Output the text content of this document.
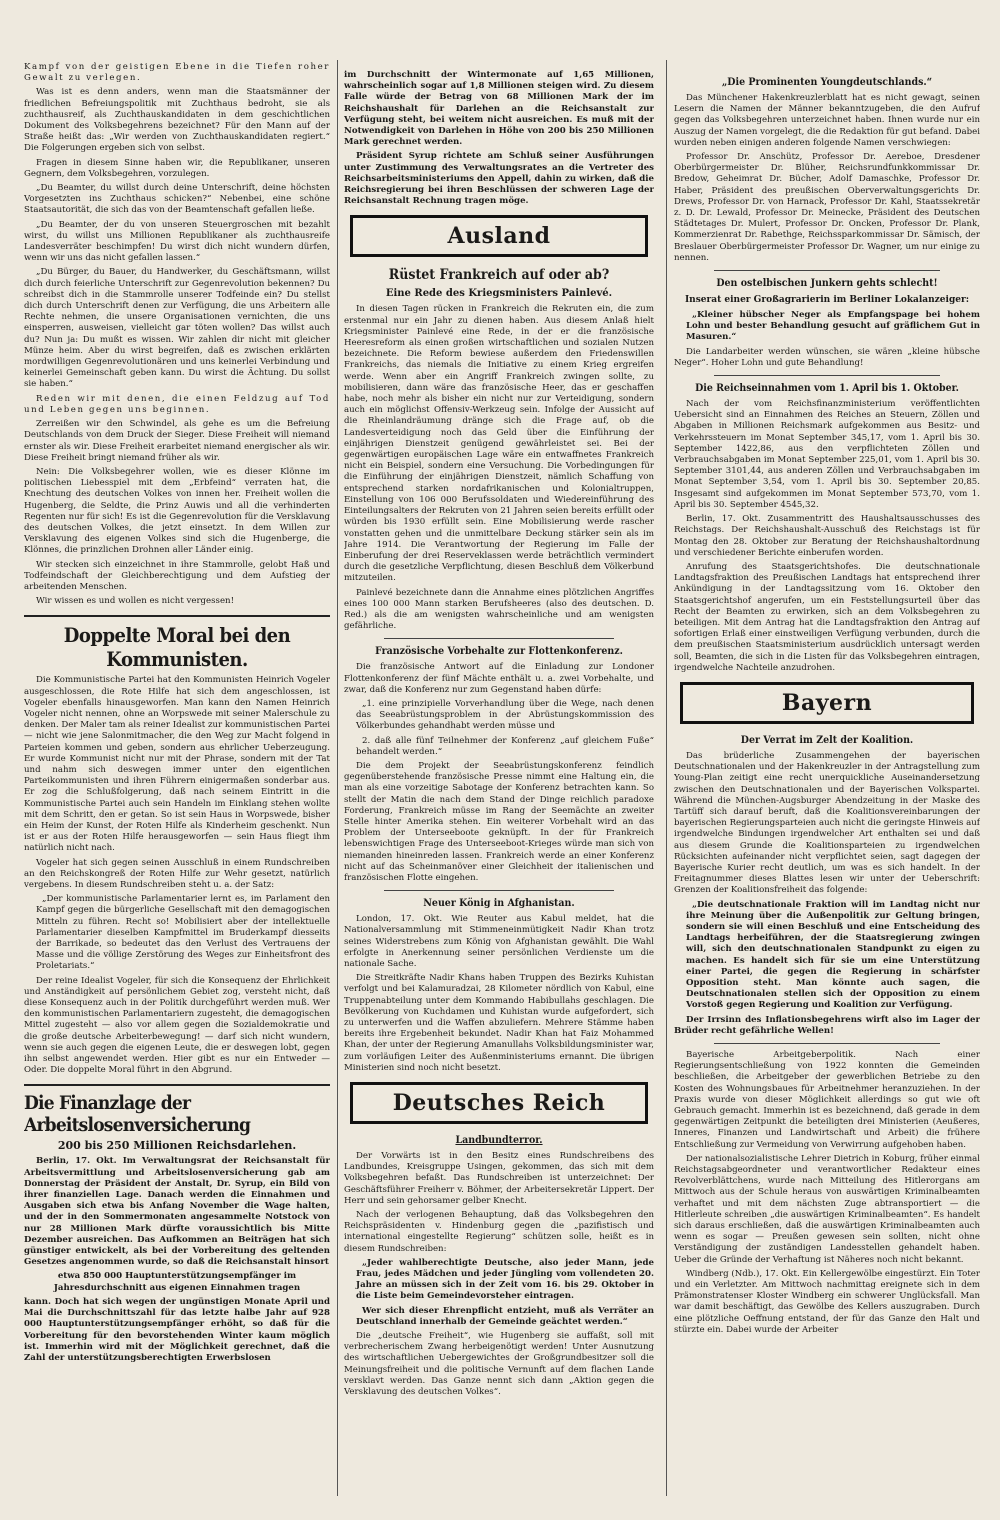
Kampf von der geistigen Ebene in die Tiefen roher Gewalt zu verlegen.

Was ist es denn anders, wenn man die Staatsmänner der friedlichen Befreiungspolitik mit Zuchthaus bedroht, sie als zuchthausreif, als Zuchthauskandidaten in dem geschichtlichen Dokument des Volksbegehrens bezeichnet? Für den Mann auf der Straße heißt das: „Wir werden von Zuchthauskandidaten regiert.“ Die Folgerungen ergeben sich von selbst.

Fragen in diesem Sinne haben wir, die Republikaner, unseren Gegnern, dem Volksbegehren, vorzulegen.

„Du Beamter, du willst durch deine Unterschrift, deine höchsten Vorgesetzten ins Zuchthaus schicken?“ Nebenbei, eine schöne Staatsautorität, die sich das von der Beamtenschaft gefallen ließe.

„Du Beamter, der du von unseren Steuergroschen mit bezahlt wirst, du willst uns Millionen Republikaner als zuchthausreife Landesverräter beschimpfen! Du wirst dich nicht wundern dürfen, wenn wir uns das nicht gefallen lassen.“

„Du Bürger, du Bauer, du Handwerker, du Geschäftsmann, willst dich durch feierliche Unterschrift zur Gegenrevolution bekennen? Du schreibst dich in die Stammrolle unserer Todfeinde ein? Du stellst dich durch Unterschrift denen zur Verfügung, die uns Arbeitern alle Rechte nehmen, die unsere Organisationen vernichten, die uns einsperren, ausweisen, vielleicht gar töten wollen? Das willst auch du? Nun ja: Du mußt es wissen. Wir zahlen dir nicht mit gleicher Münze heim. Aber du wirst begreifen, daß es zwischen erklärten mordwilligen Gegenrevolutionären und uns keinerlei Verbindung und keinerlei Gemeinschaft geben kann. Du wirst die Ächtung. Du sollst sie haben.“

Reden wir mit denen, die einen Feldzug auf Tod und Leben gegen uns beginnen.

Zerreißen wir den Schwindel, als gehe es um die Befreiung Deutschlands von dem Druck der Sieger. Diese Freiheit will niemand ernster als wir. Diese Freiheit erarbeitet niemand energischer als wir. Diese Freiheit bringt niemand früher als wir.

Nein: Die Volksbegehrer wollen, wie es dieser Klönne im politischen Liebesspiel mit dem „Erbfeind“ verraten hat, die Knechtung des deutschen Volkes von innen her. Freiheit wollen die Hugenberg, die Seldte, die Prinz Auwis und all die verhinderten Regenten nur für sich! Es ist die Gegenrevolution für die Versklavung des deutschen Volkes, die jetzt einsetzt. In dem Willen zur Versklavung des eigenen Volkes sind sich die Hugenberge, die Klönnes, die prinzlichen Drohnen aller Länder einig.

Wir stecken sich einzeichnet in ihre Stammrolle, gelobt Haß und Todfeindschaft der Gleichberechtigung und dem Aufstieg der arbeitenden Menschen.

Wir wissen es und wollen es nicht vergessen!

Doppelte Moral bei den Kommunisten.

Die Kommunistische Partei hat den Kommunisten Heinrich Vogeler ausgeschlossen, die Rote Hilfe hat sich dem angeschlossen, ist Vogeler ebenfalls hinausgeworfen. Man kann den Namen Heinrich Vogeler nicht nennen, ohne an Worpswede mit seiner Malerschule zu denken. Der Maler tam als reiner Idealist zur kommunistischen Partei — nicht wie jene Salonmitmacher, die den Weg zur Macht folgend in Parteien kommen und geben, sondern aus ehrlicher Ueberzeugung. Er wurde Kommunist nicht nur mit der Phrase, sondern mit der Tat und nahm sich deswegen immer unter den eigentlichen Parteikommunisten und ihren Führern einigermaßen sonderbar aus. Er zog die Schlußfolgerung, daß nach seinem Eintritt in die Kommunistische Partei auch sein Handeln im Einklang stehen wollte mit dem Schritt, den er getan. So ist sein Haus in Worpswede, bisher ein Heim der Kunst, der Roten Hilfe als Kinderheim geschenkt. Nun ist er aus der Roten Hilfe herausgeworfen — sein Haus fliegt ihm natürlich nicht nach.

Vogeler hat sich gegen seinen Ausschluß in einem Rundschreiben an den Reichskongreß der Roten Hilfe zur Wehr gesetzt, natürlich vergebens. In diesem Rundschreiben steht u. a. der Satz:

„Der kommunistische Parlamentarier lernt es, im Parlament den Kampf gegen die bürgerliche Gesellschaft mit den demagogischen Mitteln zu führen. Recht so! Mobilisiert aber der intellektuelle Parlamentarier dieselben Kampfmittel im Bruderkampf diesseits der Barrikade, so bedeutet das den Verlust des Vertrauens der Masse und die völlige Zerstörung des Weges zur Einheitsfront des Proletariats.“

Der reine Idealist Vogeler, für sich die Konsequenz der Ehrlichkeit und Anständigkeit auf persönlichem Gebiet zog, versteht nicht, daß diese Konsequenz auch in der Politik durchgeführt werden muß. Wer den kommunistischen Parlamentariern zugesteht, die demagogischen Mittel zugesteht — also vor allem gegen die Sozialdemokratie und die große deutsche Arbeiterbewegung! — darf sich nicht wundern, wenn sie auch gegen die eigenen Leute, die er deswegen lobt, gegen ihn selbst angewendet werden. Hier gibt es nur ein Entweder — Oder. Die doppelte Moral führt in den Abgrund.

Die Finanzlage der Arbeitslosenversicherung
200 bis 250 Millionen Reichsdarlehen.

Berlin, 17. Okt. Im Verwaltungsrat der Reichsanstalt für Arbeitsvermittlung und Arbeitslosenversicherung gab am Donnerstag der Präsident der Anstalt, Dr. Syrup, ein Bild von ihrer finanziellen Lage. Danach werden die Einnahmen und Ausgaben sich etwa bis Anfang November die Wage halten, und der in den Sommermonaten angesammelte Notstock von nur 28 Millionen Mark dürfte voraussichtlich bis Mitte Dezember ausreichen. Das Aufkommen an Beiträgen hat sich günstiger entwickelt, als bei der Vorbereitung des geltenden Gesetzes angenommen wurde, so daß die Reichsanstalt hinsort

etwa 850 000 Hauptunterstützungsempfänger im Jahresdurchschnitt aus eigenen Einnahmen tragen

kann. Doch hat sich wegen der ungünstigen Monate April und Mai die Durchschnittszahl für das letzte halbe Jahr auf 928 000 Hauptunterstützungsempfänger erhöht, so daß für die Vorbereitung für den bevorstehenden Winter kaum möglich ist. Immerhin wird mit der Möglichkeit gerechnet, daß die Zahl der unterstützungsberechtigten Erwerbslosen

im Durchschnitt der Wintermonate auf 1,65 Millionen, wahrscheinlich sogar auf 1,8 Millionen steigen wird. Zu diesem Falle würde der Betrag von 68 Millionen Mark der im Reichshaushalt für Darlehen an die Reichsanstalt zur Verfügung steht, bei weitem nicht ausreichen. Es muß mit der Notwendigkeit von Darlehen in Höhe von 200 bis 250 Millionen Mark gerechnet werden.

Präsident Syrup richtete am Schluß seiner Ausführungen unter Zustimmung des Verwaltungsrates an die Vertreter des Reichsarbeitsministeriums den Appell, dahin zu wirken, daß die Reichsregierung bei ihren Beschlüssen der schweren Lage der Reichsanstalt Rechnung tragen möge.

Ausland
Rüstet Frankreich auf oder ab?
Eine Rede des Kriegsministers Painlevé.

In diesen Tagen rücken in Frankreich die Rekruten ein, die zum erstenmal nur ein Jahr zu dienen haben. Aus diesem Anlaß hielt Kriegsminister Painlevé eine Rede, in der er die französische Heeresreform als einen großen wirtschaftlichen und sozialen Nutzen bezeichnete. Die Reform bewiese außerdem den Friedenswillen Frankreichs, das niemals die Initiative zu einem Krieg ergreifen werde. Wenn aber ein Angriff Frankreich zwingen sollte, zu mobilisieren, dann wäre das französische Heer, das er geschaffen habe, noch mehr als bisher ein nicht nur zur Verteidigung, sondern auch ein möglichst Offensiv-Werkzeug sein. Infolge der Aussicht auf die Rheinlandräumung dränge sich die Frage auf, ob die Landesverteidigung noch das Geld über die Einführung der einjährigen Dienstzeit genügend gewährleistet sei. Bei der gegenwärtigen europäischen Lage wäre ein entwaffnetes Frankreich nicht ein Beispiel, sondern eine Versuchung. Die Vorbedingungen für die Einführung der einjährigen Dienstzeit, nämlich Schaffung von entsprechend starken nordafrikanischen und Kolonialtruppen, Einstellung von 106 000 Berufssoldaten und Wiedereinführung des Einteilungsalters der Rekruten von 21 Jahren seien bereits erfüllt oder würden bis 1930 erfüllt sein. Eine Mobilisierung werde rascher vonstatten gehen und die unmittelbare Deckung stärker sein als im Jahre 1914. Die Verantwortung der Regierung im Falle der Einberufung der drei Reserveklassen werde beträchtlich vermindert durch die gesetzliche Verpflichtung, diesen Beschluß dem Völkerbund mitzuteilen.

Painlevé bezeichnete dann die Annahme eines plötzlichen Angriffes eines 100 000 Mann starken Berufsheeres (also des deutschen. D. Red.) als die am wenigsten wahrscheinliche und am wenigsten gefährliche.

Französische Vorbehalte zur Flottenkonferenz.

Die französische Antwort auf die Einladung zur Londoner Flottenkonferenz der fünf Mächte enthält u. a. zwei Vorbehalte, und zwar, daß die Konferenz nur zum Gegenstand haben dürfe:

„1. eine prinzipielle Vorverhandlung über die Wege, nach denen das Seeabrüstungsproblem in der Abrüstungskommission des Völkerbundes gehandhabt werden müsse und

2. daß alle fünf Teilnehmer der Konferenz „auf gleichem Fuße“ behandelt werden.“

Die dem Projekt der Seeabrüstungskonferenz feindlich gegenüberstehende französische Presse nimmt eine Haltung ein, die man als eine vorzeitige Sabotage der Konferenz betrachten kann. So stellt der Matin die nach dem Stand der Dinge reichlich paradoxe Forderung, Frankreich müsse im Rang der Seemächte an zweiter Stelle hinter Amerika stehen. Ein weiterer Vorbehalt wird an das Problem der Unterseeboote geknüpft. In der für Frankreich lebenswichtigen Frage des Unterseeboot-Krieges würde man sich von niemanden hineinreden lassen. Frankreich werde an einer Konferenz nicht auf das Scheinmanöver einer Gleichheit der italienischen und französischen Flotte eingehen.

Neuer König in Afghanistan.

London, 17. Okt. Wie Reuter aus Kabul meldet, hat die Nationalversammlung mit Stimmeneinmütigkeit Nadir Khan trotz seines Widerstrebens zum König von Afghanistan gewählt. Die Wahl erfolgte in Anerkennung seiner persönlichen Verdienste um die nationale Sache.

Die Streitkräfte Nadir Khans haben Truppen des Bezirks Kuhistan verfolgt und bei Kalamuradzai, 28 Kilometer nördlich von Kabul, eine Truppenabteilung unter dem Kommando Habibullahs geschlagen. Die Bevölkerung von Kuchdamen und Kuhistan wurde aufgefordert, sich zu unterwerfen und die Waffen abzuliefern. Mehrere Stämme haben bereits ihre Ergebenheit bekundet. Nadir Khan hat Faiz Mohammed Khan, der unter der Regierung Amanullahs Volksbildungsminister war, zum vorläufigen Leiter des Außenministeriums ernannt. Die übrigen Ministerien sind noch nicht besetzt.

Deutsches Reich
Landbundterror.

Der Vorwärts ist in den Besitz eines Rundschreibens des Landbundes, Kreisgruppe Usingen, gekommen, das sich mit dem Volksbegehren befaßt. Das Rundschreiben ist unterzeichnet: Der Geschäftsführer Freiherr v. Böhmer, der Arbeitersekretär Lippert. Der Herr und sein gehorsamer gelber Knecht.

Nach der verlogenen Behauptung, daß das Volksbegehren den Reichspräsidenten v. Hindenburg gegen die „pazifistisch und international eingestellte Regierung“ schützen solle, heißt es in diesem Rundschreiben:

„Jeder wahlberechtigte Deutsche, also jeder Mann, jede Frau, jedes Mädchen und jeder Jüngling vom vollendeten 20. Jahre an müssen sich in der Zeit vom 16. bis 29. Oktober in die Liste beim Gemeindevorsteher eintragen.

Wer sich dieser Ehrenpflicht entzieht, muß als Verräter an Deutschland innerhalb der Gemeinde geächtet werden.“

Die „deutsche Freiheit“, wie Hugenberg sie auffaßt, soll mit verbrecherischem Zwang herbeigenötigt werden! Unter Ausnutzung des wirtschaftlichen Uebergewichtes der Großgrundbesitzer soll die Meinungsfreiheit und die politische Vernunft auf dem flachen Lande versklavt werden. Das Ganze nennt sich dann „Aktion gegen die Versklavung des deutschen Volkes“.

„Die Prominenten Youngdeutschlands.“

Das Münchener Hakenkreuzlerblatt hat es nicht gewagt, seinen Lesern die Namen der Männer bekanntzugeben, die den Aufruf gegen das Volksbegehren unterzeichnet haben. Ihnen wurde nur ein Auszug der Namen vorgelegt, die die Redaktion für gut befand. Dabei wurden neben einigen anderen folgende Namen verschwiegen:

Professor Dr. Anschütz, Professor Dr. Aereboe, Dresdener Oberbürgermeister Dr. Blüher, Reichsrundfunkkommissar Dr. Bredow, Geheimrat Dr. Bücher, Adolf Damaschke, Professor Dr. Haber, Präsident des preußischen Oberverwaltungsgerichts Dr. Drews, Professor Dr. von Harnack, Professor Dr. Kahl, Staatssekretär z. D. Dr. Lewald, Professor Dr. Meinecke, Präsident des Deutschen Städtetages Dr. Mulert, Professor Dr. Oncken, Professor Dr. Plank, Kommerzienrat Dr. Rabethge, Reichssparkommissar Dr. Sämisch, der Breslauer Oberbürgermeister Professor Dr. Wagner, um nur einige zu nennen.

Den ostelbischen Junkern gehts schlecht!
Inserat einer Großagrarierin im Berliner Lokalanzeiger:

„Kleiner hübscher Neger als Empfangspage bei hohem Lohn und bester Behandlung gesucht auf gräflichem Gut in Masuren.“

Die Landarbeiter werden wünschen, sie wären „kleine hübsche Neger“. Hoher Lohn und gute Behandlung!

Die Reichseinnahmen vom 1. April bis 1. Oktober.

Nach der vom Reichsfinanzministerium veröffentlichten Uebersicht sind an Einnahmen des Reiches an Steuern, Zöllen und Abgaben in Millionen Reichsmark aufgekommen aus Besitz- und Verkehrssteuern im Monat September 345,17, vom 1. April bis 30. September 1422,86, aus den verpflichteten Zöllen und Verbrauchsabgaben im Monat September 225,01, vom 1. April bis 30. September 3101,44, aus anderen Zöllen und Verbrauchsabgaben im Monat September 3,54, vom 1. April bis 30. September 20,85. Insgesamt sind aufgekommen im Monat September 573,70, vom 1. April bis 30. September 4545,32.

Berlin, 17. Okt. Zusammentritt des Haushaltsausschusses des Reichstags. Der Reichshaushalt-Ausschuß des Reichstags ist für Montag den 28. Oktober zur Beratung der Reichshaushaltordnung und verschiedener Berichte einberufen worden.

Anrufung des Staatsgerichtshofes. Die deutschnationale Landtagsfraktion des Preußischen Landtags hat entsprechend ihrer Ankündigung in der Landtagssitzung vom 16. Oktober den Staatsgerichtshof angerufen, um ein Feststellungsurteil über das Recht der Beamten zu erwirken, sich an dem Volksbegehren zu beteiligen. Mit dem Antrag hat die Landtagsfraktion den Antrag auf sofortigen Erlaß einer einstweiligen Verfügung verbunden, durch die dem preußischen Staatsministerium ausdrücklich untersagt werden soll, Beamten, die sich in die Listen für das Volksbegehren eintragen, irgendwelche Nachteile anzudrohen.

Bayern
Der Verrat im Zelt der Koalition.

Das brüderliche Zusammengehen der bayerischen Deutschnationalen und der Hakenkreuzler in der Antragstellung zum Young-Plan zeitigt eine recht unerquickliche Auseinandersetzung zwischen den Deutschnationalen und der Bayerischen Volkspartei. Während die München-Augsburger Abendzeitung in der Maske des Tartüff sich darauf beruft, daß die Koalitionsvereinbarungen der bayerischen Regierungsparteien auch nicht die geringste Hinweis auf irgendwelche Bindungen irgendwelcher Art enthalten sei und daß aus diesem Grunde die Koalitionsparteien zu irgendwelchen Rücksichten aufeinander nicht verpflichtet seien, sagt dagegen der Bayerische Kurier recht deutlich, um was es sich handelt. In der Freitagnummer dieses Blattes lesen wir unter der Ueberschrift: Grenzen der Koalitionsfreiheit das folgende:

„Die deutschnationale Fraktion will im Landtag nicht nur ihre Meinung über die Außenpolitik zur Geltung bringen, sondern sie will einen Beschluß und eine Entscheidung des Landtags herbeiführen, der die Staatsregierung zwingen will, sich den deutschnationalen Standpunkt zu eigen zu machen. Es handelt sich für sie um eine Unterstützung einer Partei, die gegen die Regierung in schärfster Opposition steht. Man könnte auch sagen, die Deutschnationalen stellen sich der Opposition zu einem Vorstoß gegen Regierung und Koalition zur Verfügung.

Der Irrsinn des Inflationsbegehrens wirft also im Lager der Brüder recht gefährliche Wellen!

Bayerische Arbeitgeberpolitik. Nach einer Regierungsentschließung von 1922 konnten die Gemeinden beschließen, die Arbeitgeber der gewerblichen Betriebe zu den Kosten des Wohnungsbaues für Arbeitnehmer heranzuziehen. In der Praxis wurde von dieser Möglichkeit allerdings so gut wie oft Gebrauch gemacht. Immerhin ist es bezeichnend, daß gerade in dem gegenwärtigen Zeitpunkt die beteiligten drei Ministerien (Aeußeres, Inneres, Finanzen und Landwirtschaft und Arbeit) die frühere Entschließung zur Vermeidung von Verwirrung aufgehoben haben.

Der nationalsozialistische Lehrer Dietrich in Koburg, früher einmal Reichstagsabgeordneter und verantwortlicher Redakteur eines Revolverblättchens, wurde nach Mitteilung des Hitlerorgans am Mittwoch aus der Schule heraus von auswärtigen Kriminalbeamten verhaftet und mit dem nächsten Zuge abtransportiert — die Hitlerleute schreiben „die auswärtigen Kriminalbeamten“. Es handelt sich daraus erschließen, daß die auswärtigen Kriminalbeamten auch wenn es sogar — Preußen gewesen sein sollten, nicht ohne Verständigung der zuständigen Landesstellen gehandelt haben. Ueber die Gründe der Verhaftung ist Näheres noch nicht bekannt.

Windberg (Ndb.), 17. Okt. Ein Kellergewölbe eingestürzt. Ein Toter und ein Verletzter. Am Mittwoch nachmittag ereignete sich in dem Prämonstratenser Kloster Windberg ein schwerer Unglücksfall. Man war damit beschäftigt, das Gewölbe des Kellers auszugraben. Durch eine plötzliche Oeffnung entstand, der für das Ganze den Halt und stürzte ein. Dabei wurde der Arbeiter
